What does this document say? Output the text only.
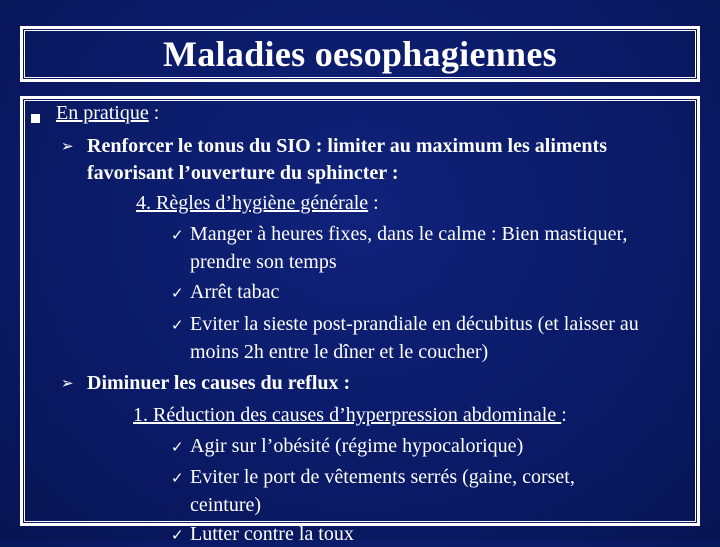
Maladies oesophagiennes
En pratique :
➢ Renforcer le tonus du SIO : limiter au maximum les aliments
favorisant l’ouverture du sphincter :
4. Règles d’hygiène générale :
✓ Manger à heures fixes, dans le calme : Bien mastiquer,
prendre son temps
✓ Arrêt tabac
✓ Eviter la sieste post-prandiale en décubitus (et laisser au
moins 2h entre le dîner et le coucher)
➢ Diminuer les causes du reflux :
1. Réduction des causes d’hyperpression abdominale :
✓ Agir sur l’obésité (régime hypocalorique)
✓ Eviter le port de vêtements serrés (gaine, corset,
ceinture)
✓ Lutter contre la toux
